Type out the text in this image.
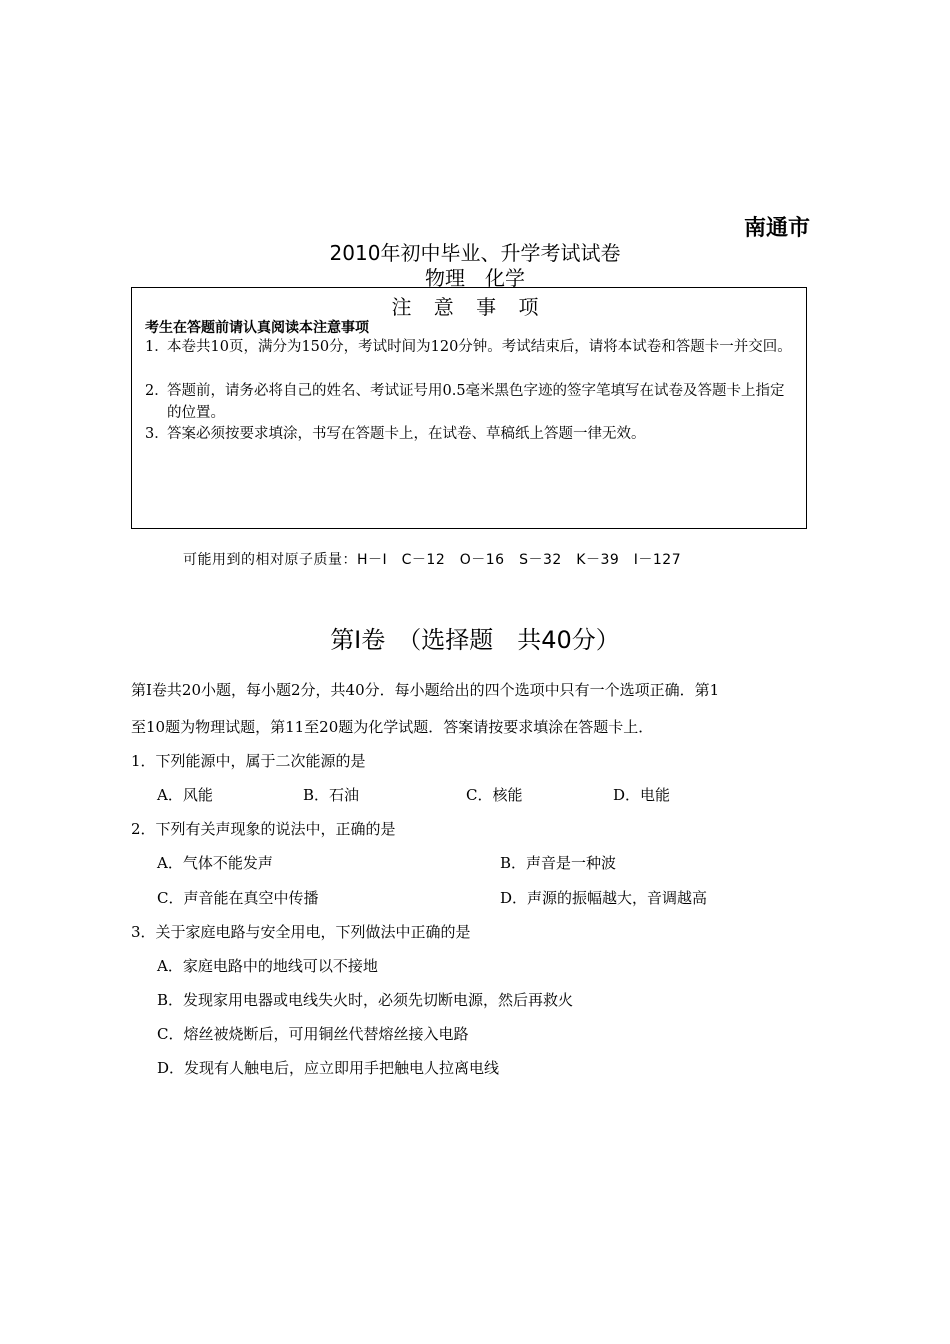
南通市
2010年初中毕业、升学考试试卷
物理　化学
注 意 事 项
考生在答题前请认真阅读本注意事项
1．
本卷共10页，满分为150分，考试时间为120分钟。考试结束后，请将本试卷和答题卡一并交回。
2．
答题前，请务必将自己的姓名、考试证号用0.5毫米黑色字迹的签字笔填写在试卷及答题卡上指定的位置。
3．
答案必须按要求填涂，书写在答题卡上，在试卷、草稿纸上答题一律无效。
可能用到的相对原子质量：H－I　C－12　O－16　S－32　K－39　I－127
第Ⅰ卷　（选择题　共40分）
第Ⅰ卷共20小题，每小题2分，共40分．每小题给出的四个选项中只有一个选项正确．第1
至10题为物理试题，第11至20题为化学试题．答案请按要求填涂在答题卡上．
1．下列能源中，属于二次能源的是
A．风能	B．石油	C．核能	D．电能
2．下列有关声现象的说法中，正确的是
A．气体不能发声	B．声音是一种波
C．声音能在真空中传播	D．声源的振幅越大，音调越高
3．关于家庭电路与安全用电，下列做法中正确的是
A．家庭电路中的地线可以不接地
B．发现家用电器或电线失火时，必须先切断电源，然后再救火
C．熔丝被烧断后，可用铜丝代替熔丝接入电路
D．发现有人触电后，应立即用手把触电人拉离电线
